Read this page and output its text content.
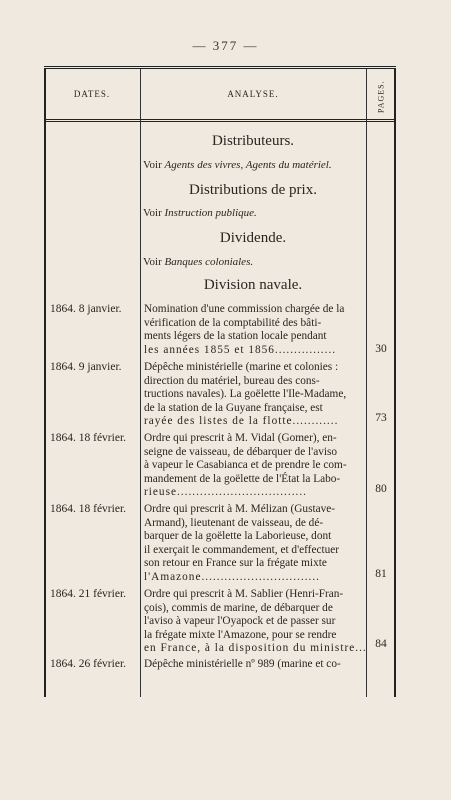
— 377 —
DATES.	ANALYSE.	PAGES.
Distributeurs.
Voir Agents des vivres, Agents du matériel.
Distributions de prix.
Voir Instruction publique.
Dividende.
Voir Banques coloniales.
Division navale.
1864. 8 janvier. Nomination d'une commission chargée de la
vérification de la comptabilité des bâti-
ments légers de la station locale pendant
les années 1855 et 1856................	30
1864. 9 janvier. Dépêche ministérielle (marine et colonies :
direction du matériel, bureau des cons-
tructions navales). La goëlette l'Ile-Madame,
de la station de la Guyane française, est
rayée des listes de la flotte............	73
1864. 18 février. Ordre qui prescrit à M. Vidal (Gomer), en-
seigne de vaisseau, de débarquer de l'aviso
à vapeur le Casabianca et de prendre le com-
mandement de la goëlette de l'État la Labo-
rieuse..................................	80
1864. 18 février. Ordre qui prescrit à M. Mélizan (Gustave-
Armand), lieutenant de vaisseau, de dé-
barquer de la goëlette la Laborieuse, dont
il exerçait le commandement, et d'effectuer
son retour en France sur la frégate mixte
l'Amazone...............................	81
1864. 21 février. Ordre qui prescrit à M. Sablier (Henri-Fran-
çois), commis de marine, de débarquer de
l'aviso à vapeur l'Oyapock et de passer sur
la frégate mixte l'Amazone, pour se rendre
en France, à la disposition du ministre... 84
1864. 26 février. Dépêche ministérielle nº 989 (marine et co-
